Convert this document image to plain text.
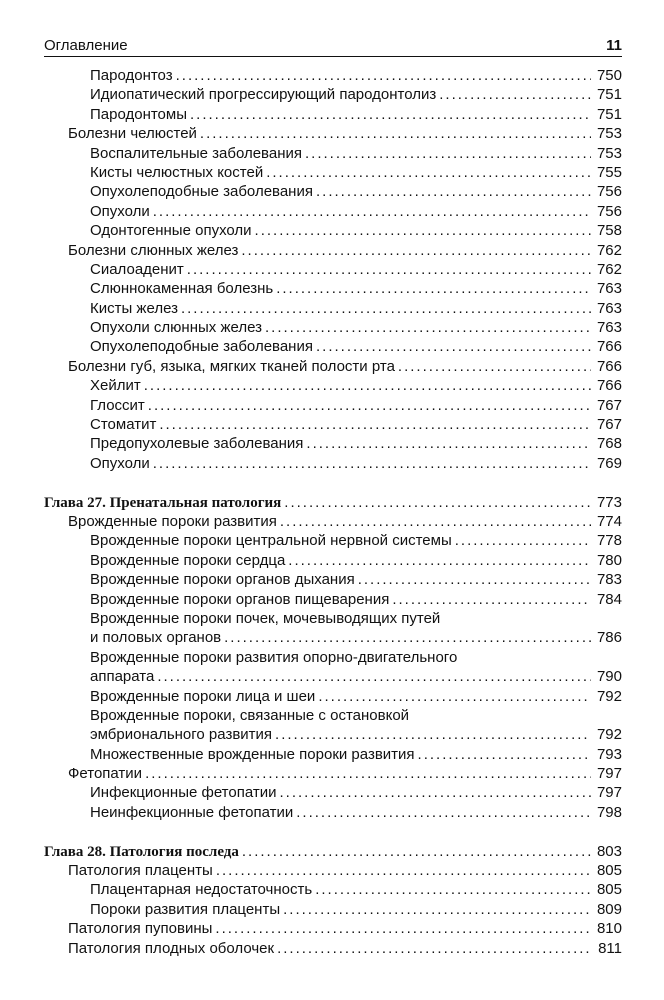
Оглавление	11
Пародонтоз .....	750
Идиопатический прогрессирующий пародонтолиз .....	751
Пародонтомы .....	751
Болезни челюстей .....	753
Воспалительные заболевания .....	753
Кисты челюстных костей .....	755
Опухолеподобные заболевания .....	756
Опухоли .....	756
Одонтогенные опухоли .....	758
Болезни слюнных желез .....	762
Сиалоаденит .....	762
Слюннокаменная болезнь .....	763
Кисты желез .....	763
Опухоли слюнных желез .....	763
Опухолеподобные заболевания .....	766
Болезни губ, языка, мягких тканей полости рта .....	766
Хейлит .....	766
Глоссит .....	767
Стоматит .....	767
Предопухолевые заболевания .....	768
Опухоли .....	769
Глава 27. Пренатальная патология .....	773
Врожденные пороки развития .....	774
Врожденные пороки центральной нервной системы .....	778
Врожденные пороки сердца .....	780
Врожденные пороки органов дыхания .....	783
Врожденные пороки органов пищеварения .....	784
Врожденные пороки почек, мочевыводящих путей
и половых органов .....	786
Врожденные пороки развития опорно-двигательного
аппарата .....	790
Врожденные пороки лица и шеи .....	792
Врожденные пороки, связанные с остановкой
эмбрионального развития .....	792
Множественные врожденные пороки развития .....	793
Фетопатии .....	797
Инфекционные фетопатии .....	797
Неинфекционные фетопатии .....	798
Глава 28. Патология последа .....	803
Патология плаценты .....	805
Плацентарная недостаточность .....	805
Пороки развития плаценты .....	809
Патология пуповины .....	810
Патология плодных оболочек .....	811
